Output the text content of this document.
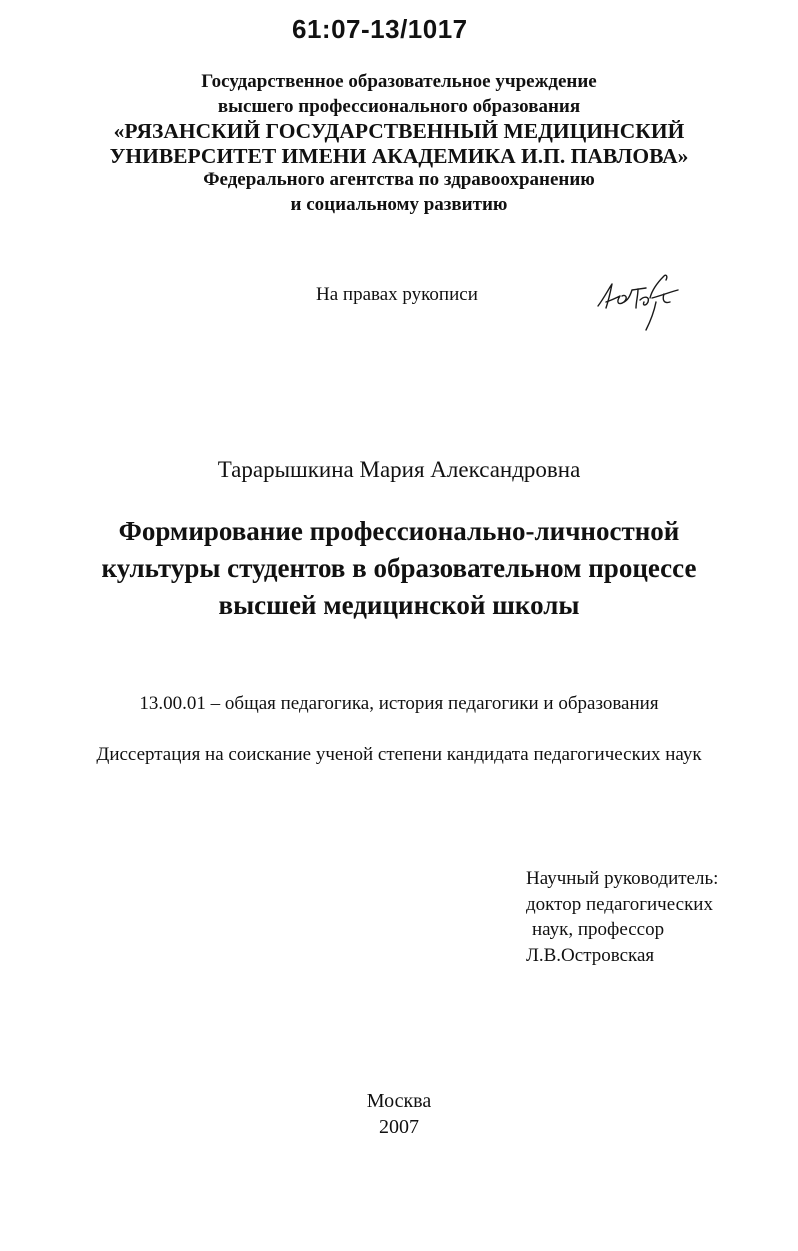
61:07-13/1017
Государственное образовательное учреждение
высшего профессионального образования
«РЯЗАНСКИЙ ГОСУДАРСТВЕННЫЙ МЕДИЦИНСКИЙ
УНИВЕРСИТЕТ ИМЕНИ АКАДЕМИКА И.П. ПАВЛОВА»
Федерального агентства по здравоохранению
и социальному развитию
На правах рукописи
Тарарышкина Мария Александровна
Формирование профессионально-личностной
культуры студентов в образовательном процессе
высшей медицинской школы
13.00.01 – общая педагогика, история педагогики и образования
Диссертация на соискание ученой степени кандидата педагогических наук
Научный руководитель:
доктор педагогических
наук, профессор
Л.В.Островская
Москва
2007
